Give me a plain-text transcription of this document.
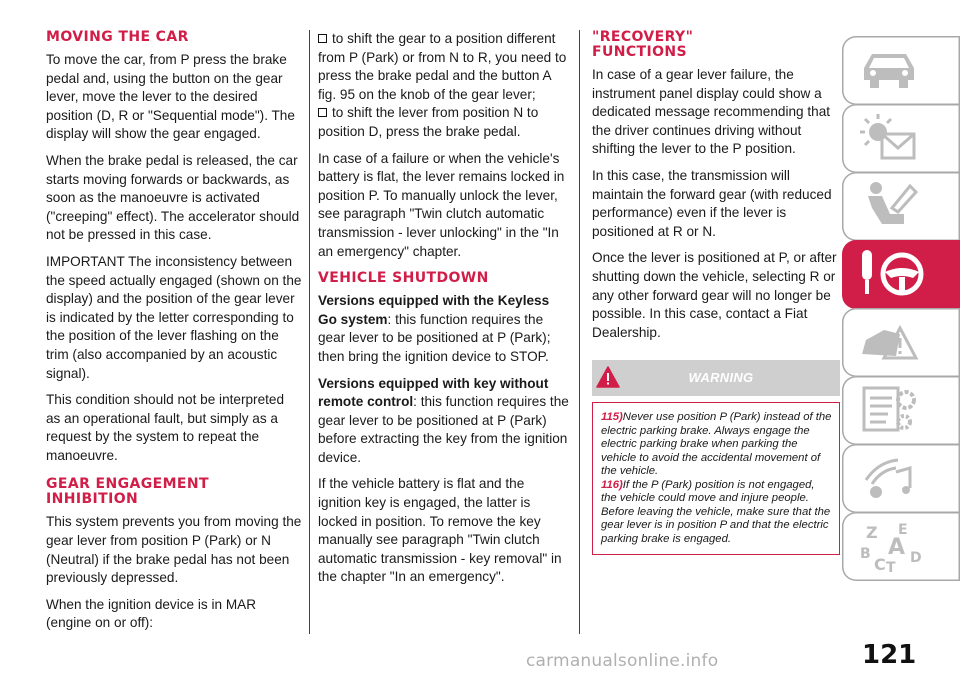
MOVING THE CAR

To move the car, from P press the brake pedal and, using the button on the gear lever, move the lever to the desired position (D, R or "Sequential mode"). The display will show the gear engaged.

When the brake pedal is released, the car starts moving forwards or backwards, as soon as the manoeuvre is activated ("creeping" effect). The accelerator should not be pressed in this case.

IMPORTANT The inconsistency between the speed actually engaged (shown on the display) and the position of the gear lever is indicated by the letter corresponding to the position of the lever flashing on the trim (also accompanied by an acoustic signal).

This condition should not be interpreted as an operational fault, but simply as a request by the system to repeat the manoeuvre.

GEAR ENGAGEMENT INHIBITION

This system prevents you from moving the gear lever from position P (Park) or N (Neutral) if the brake pedal has not been previously depressed.

When the ignition device is in MAR (engine on or off):

to shift the gear to a position different from P (Park) or from N to R, you need to press the brake pedal and the button A fig. 95 on the knob of the gear lever;
to shift the lever from position N to position D, press the brake pedal.

In case of a failure or when the vehicle's battery is flat, the lever remains locked in position P. To manually unlock the lever, see paragraph "Twin clutch automatic transmission - lever unlocking" in the "In an emergency" chapter.

VEHICLE SHUTDOWN

Versions equipped with the Keyless Go system: this function requires the gear lever to be positioned at P (Park); then bring the ignition device to STOP.

Versions equipped with key without remote control: this function requires the gear lever to be positioned at P (Park) before extracting the key from the ignition device.

If the vehicle battery is flat and the ignition key is engaged, the latter is locked in position. To remove the key manually see paragraph "Twin clutch automatic transmission - key removal" in the chapter "In an emergency".

"RECOVERY" FUNCTIONS

In case of a gear lever failure, the instrument panel display could show a dedicated message recommending that the driver continues driving without shifting the lever to the P position.

In this case, the transmission will maintain the forward gear (with reduced performance) even if the lever is positioned at R or N.

Once the lever is positioned at P, or after shutting down the vehicle, selecting R or any other forward gear will no longer be possible. In this case, contact a Fiat Dealership.

WARNING

115)Never use position P (Park) instead of the electric parking brake. Always engage the electric parking brake when parking the vehicle to avoid the accidental movement of the vehicle.

116)If the P (Park) position is not engaged, the vehicle could move and injure people. Before leaving the vehicle, make sure that the gear lever is in position P and that the electric parking brake is engaged.	Z E
B A
C D
T
121
carmanualsonline.info
